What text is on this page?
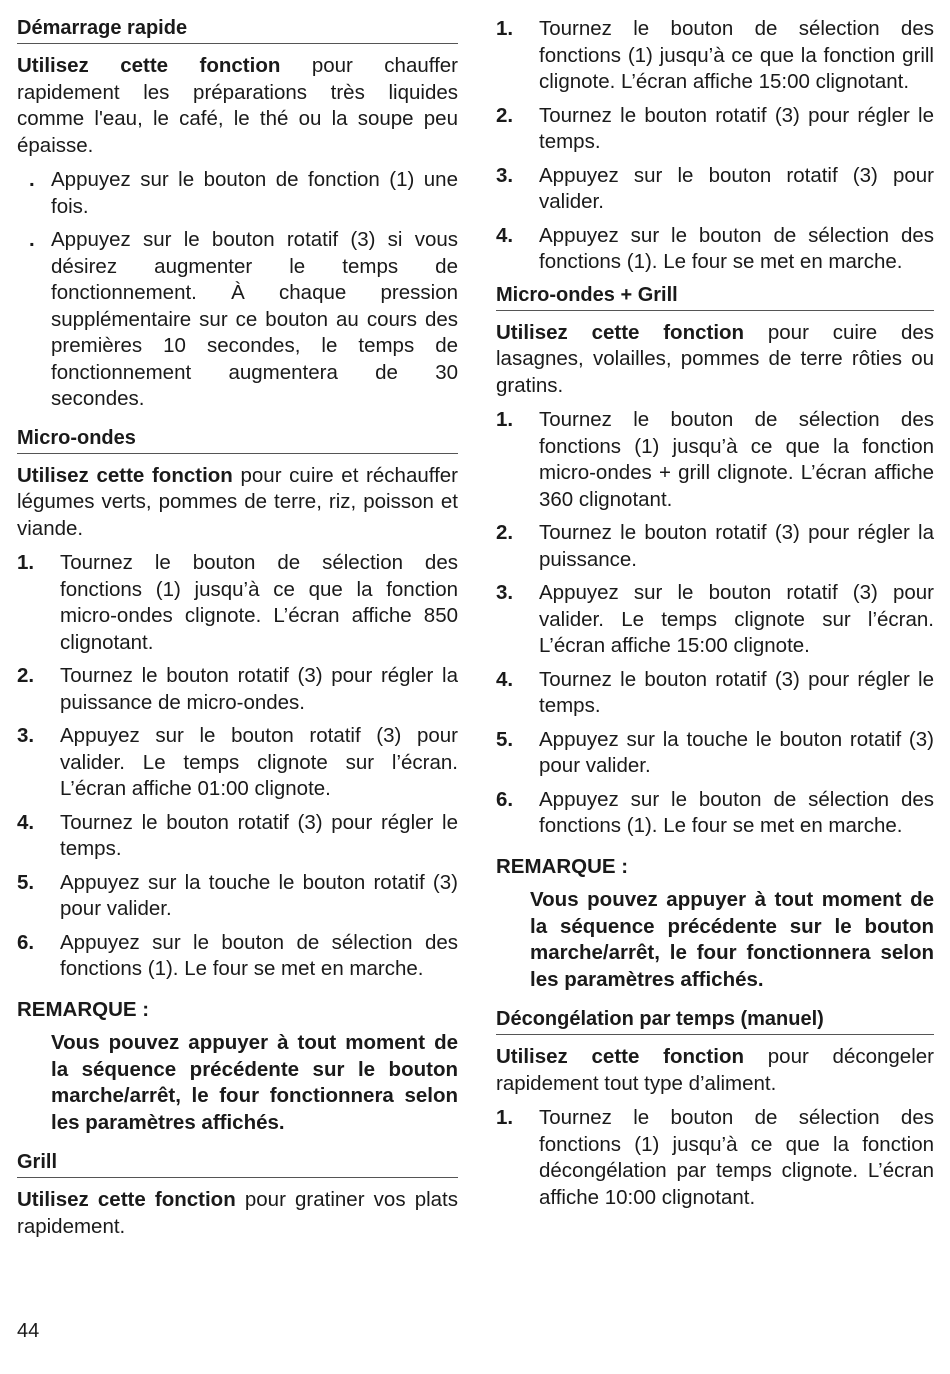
Démarrage rapide

Utilisez cette fonction pour chauffer rapidement les préparations très liquides comme l'eau, le café, le thé ou la soupe peu épaisse.

. Appuyez sur le bouton de fonction (1) une fois.
. Appuyez sur le bouton rotatif (3) si vous désirez augmenter le temps de fonctionnement. À chaque pression supplémentaire sur ce bouton au cours des premières 10 secondes, le temps de fonctionnement augmentera de 30 secondes.
Micro-ondes

Utilisez cette fonction pour cuire et réchauffer légumes verts, pommes de terre, riz, poisson et viande.

1. Tournez le bouton de sélection des fonctions (1) jusqu’à ce que la fonction micro-ondes clignote. L’écran affiche 850 clignotant.
2. Tournez le bouton rotatif (3) pour régler la puissance de micro-ondes.
3. Appuyez sur le bouton rotatif (3) pour valider. Le temps clignote sur l’écran. L’écran affiche 01:00 clignote.
4. Tournez le bouton rotatif (3) pour régler le temps.
5. Appuyez sur la touche le bouton rotatif (3) pour valider.
6. Appuyez sur le bouton de sélection des fonctions (1). Le four se met en marche.
REMARQUE :
Vous pouvez appuyer à tout moment de la séquence précédente sur le bouton marche/arrêt, le four fonctionnera selon les paramètres affichés.
Grill

Utilisez cette fonction pour gratiner vos plats rapidement.

1. Tournez le bouton de sélection des fonctions (1) jusqu’à ce que la fonction grill clignote. L’écran affiche 15:00 clignotant.
2. Tournez le bouton rotatif (3) pour régler le temps.
3. Appuyez sur le bouton rotatif (3) pour valider.
4. Appuyez sur le bouton de sélection des fonctions (1). Le four se met en marche.
Micro-ondes + Grill

Utilisez cette fonction pour cuire des lasagnes, volailles, pommes de terre rôties ou gratins.

1. Tournez le bouton de sélection des fonctions (1) jusqu’à ce que la fonction micro-ondes + grill clignote. L’écran affiche 360 clignotant.
2. Tournez le bouton rotatif (3) pour régler la puissance.
3. Appuyez sur le bouton rotatif (3) pour valider. Le temps clignote sur l’écran. L’écran affiche 15:00 clignote.
4. Tournez le bouton rotatif (3) pour régler le temps.
5. Appuyez sur la touche le bouton rotatif (3) pour valider.
6. Appuyez sur le bouton de sélection des fonctions (1). Le four se met en marche.
REMARQUE :
Vous pouvez appuyer à tout moment de la séquence précédente sur le bouton marche/arrêt, le four fonctionnera selon les paramètres affichés.
Décongélation par temps (manuel)

Utilisez cette fonction pour décongeler rapidement tout type d’aliment.

1. Tournez le bouton de sélection des fonctions (1) jusqu’à ce que la fonction décongélation par temps clignote. L’écran affiche 10:00 clignotant.
44
